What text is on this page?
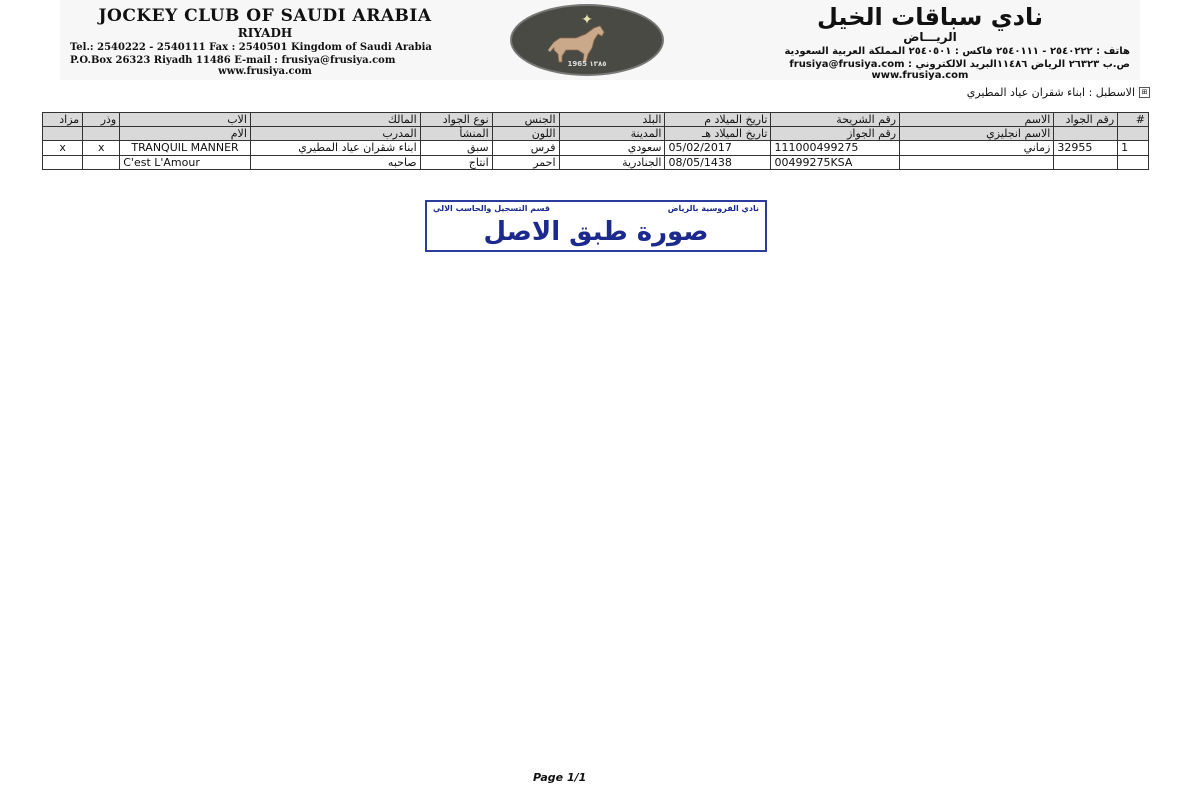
JOCKEY CLUB OF SAUDI ARABIA
RIYADH
Tel.: 2540222 - 2540111 Fax : 2540501 Kingdom of Saudi Arabia
P.O.Box 26323 Riyadh 11486 E-mail : frusiya@frusiya.com
www.frusiya.com
✦
1965 ١٣٨٥
نادي سباقات الخيل
الريـــاض
هاتف : ٢٥٤٠٢٢٢ - ٢٥٤٠١١١ فاكس : ٢٥٤٠٥٠١ المملكة العربية السعودية
ص.ب ٢٦٣٢٣ الرياض ١١٤٨٦البريد الالكتروني : frusiya@frusiya.com
www.frusiya.com
⊞
الاسطبل : ابناء شقران عياد المطيري
#	رقم الجواد	الاسم	رقم الشريحة	تاريخ الميلاد م	البلد	الجنس	نوع الجواد	المالك	الاب	وذر	مزاد
		الاسم انجليزي	رقم الجواز	تاريخ الميلاد هـ	المدينة	اللون	المنشأ	المدرب	الام		
1	32955	زماني	111000499275	05/02/2017	سعودي	فرس	سبق	ابناء شقران عياد المطيري	TRANQUIL MANNER	x	x
			00499275KSA	08/05/1438	الجنادرية	احمر	انتاج	صاحبه	C'est L'Amour		
نادي الفروسية بالرياض
قسم التسجيل والحاسب الالي
صورة طبق الاصل
Page 1/1
